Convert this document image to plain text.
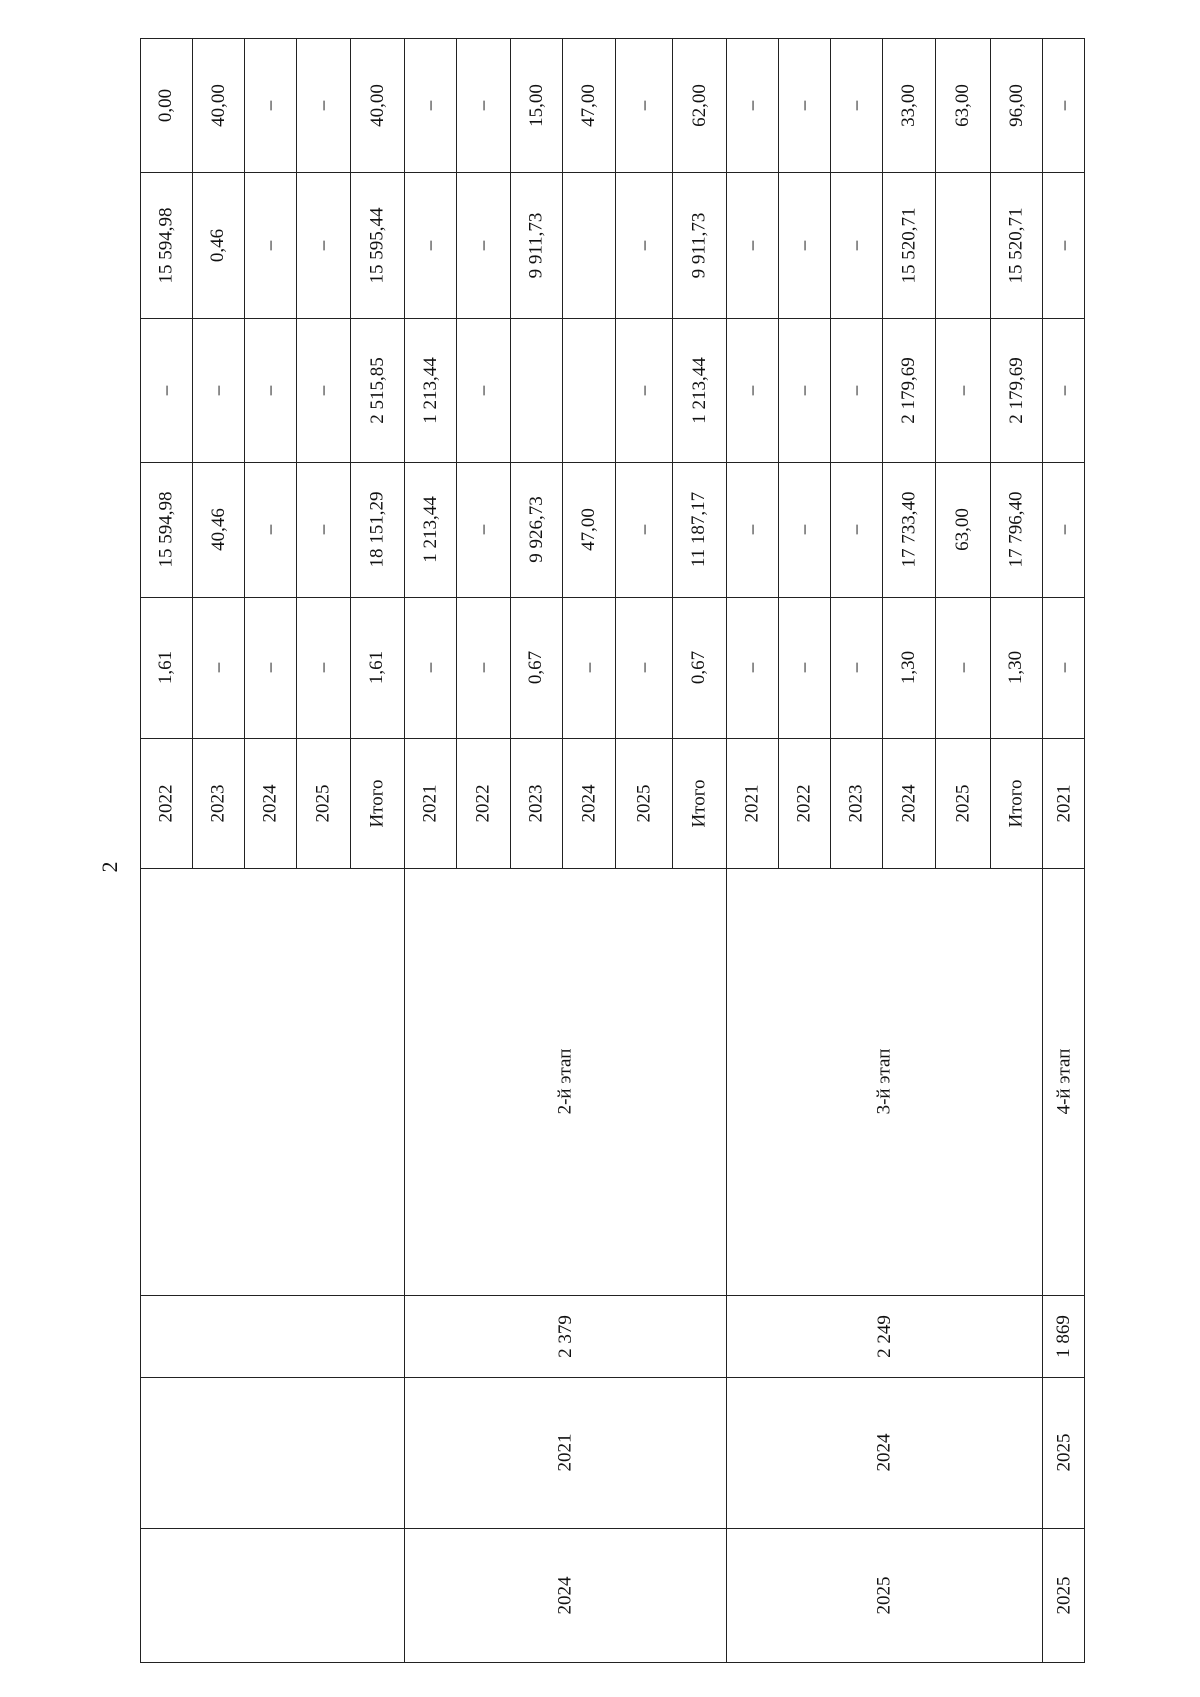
2
0,00
15 594,98
–
15 594,98
1,61
2022
40,00
0,46
–
40,46
–
2023
–
–
–
–
–
2024
–
–
–
–
–
2025
40,00
15 595,44
2 515,85
18 151,29
1,61
Итого
–
–
1 213,44
1 213,44
–
2021
–
–
–
–
–
2022
15,00
9 911,73
9 926,73
0,67
2023
47,00
47,00
–
2024
–
–
–
–
–
2025
62,00
9 911,73
1 213,44
11 187,17
0,67
Итого
–
–
–
–
–
2021
–
–
–
–
–
2022
–
–
–
–
–
2023
33,00
15 520,71
2 179,69
17 733,40
1,30
2024
63,00
–
63,00
–
2025
96,00
15 520,71
2 179,69
17 796,40
1,30
Итого
–
–
–
–
–
2021
2-й этап
2 379
2021
2024
3-й этап
2 249
2024
2025
4-й этап
1 869
2025
2025
